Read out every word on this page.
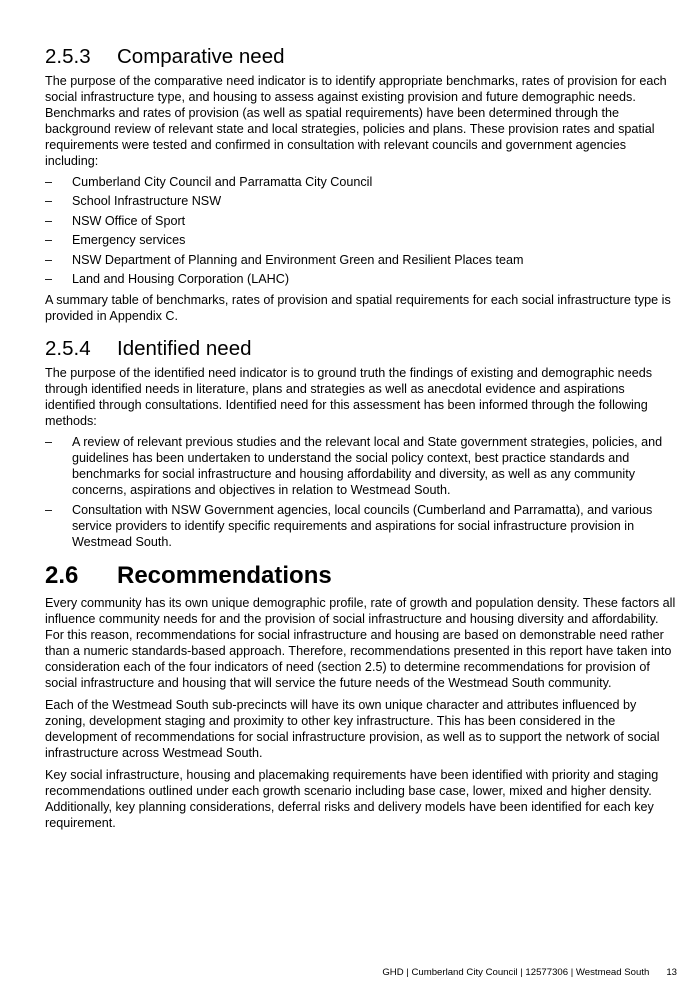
2.5.3 Comparative need

The purpose of the comparative need indicator is to identify appropriate benchmarks, rates of provision for each social infrastructure type, and housing to assess against existing provision and future demographic needs. Benchmarks and rates of provision (as well as spatial requirements) have been determined through the background review of relevant state and local strategies, policies and plans. These provision rates and spatial requirements were tested and confirmed in consultation with relevant councils and government agencies including:

– Cumberland City Council and Parramatta City Council
– School Infrastructure NSW
– NSW Office of Sport
– Emergency services
– NSW Department of Planning and Environment Green and Resilient Places team
– Land and Housing Corporation (LAHC)

A summary table of benchmarks, rates of provision and spatial requirements for each social infrastructure type is provided in Appendix C.

2.5.4 Identified need

The purpose of the identified need indicator is to ground truth the findings of existing and demographic needs through identified needs in literature, plans and strategies as well as anecdotal evidence and aspirations identified through consultations. Identified need for this assessment has been informed through the following methods:

– A review of relevant previous studies and the relevant local and State government strategies, policies, and guidelines has been undertaken to understand the social policy context, best practice standards and benchmarks for social infrastructure and housing affordability and diversity, as well as any community concerns, aspirations and objectives in relation to Westmead South.
– Consultation with NSW Government agencies, local councils (Cumberland and Parramatta), and various service providers to identify specific requirements and aspirations for social infrastructure provision in Westmead South.
2.6 Recommendations

Every community has its own unique demographic profile, rate of growth and population density. These factors all influence community needs for and the provision of social infrastructure and housing diversity and affordability. For this reason, recommendations for social infrastructure and housing are based on demonstrable need rather than a numeric standards-based approach. Therefore, recommendations presented in this report have taken into consideration each of the four indicators of need (section 2.5) to determine recommendations for provision of social infrastructure and housing that will service the future needs of the Westmead South community.

Each of the Westmead South sub-precincts will have its own unique character and attributes influenced by zoning, development staging and proximity to other key infrastructure. This has been considered in the development of recommendations for social infrastructure provision, as well as to support the network of social infrastructure across Westmead South.

Key social infrastructure, housing and placemaking requirements have been identified with priority and staging recommendations outlined under each growth scenario including base case, lower, mixed and higher density. Additionally, key planning considerations, deferral risks and delivery models have been identified for each key requirement.

GHD | Cumberland City Council | 12577306 | Westmead South 13
